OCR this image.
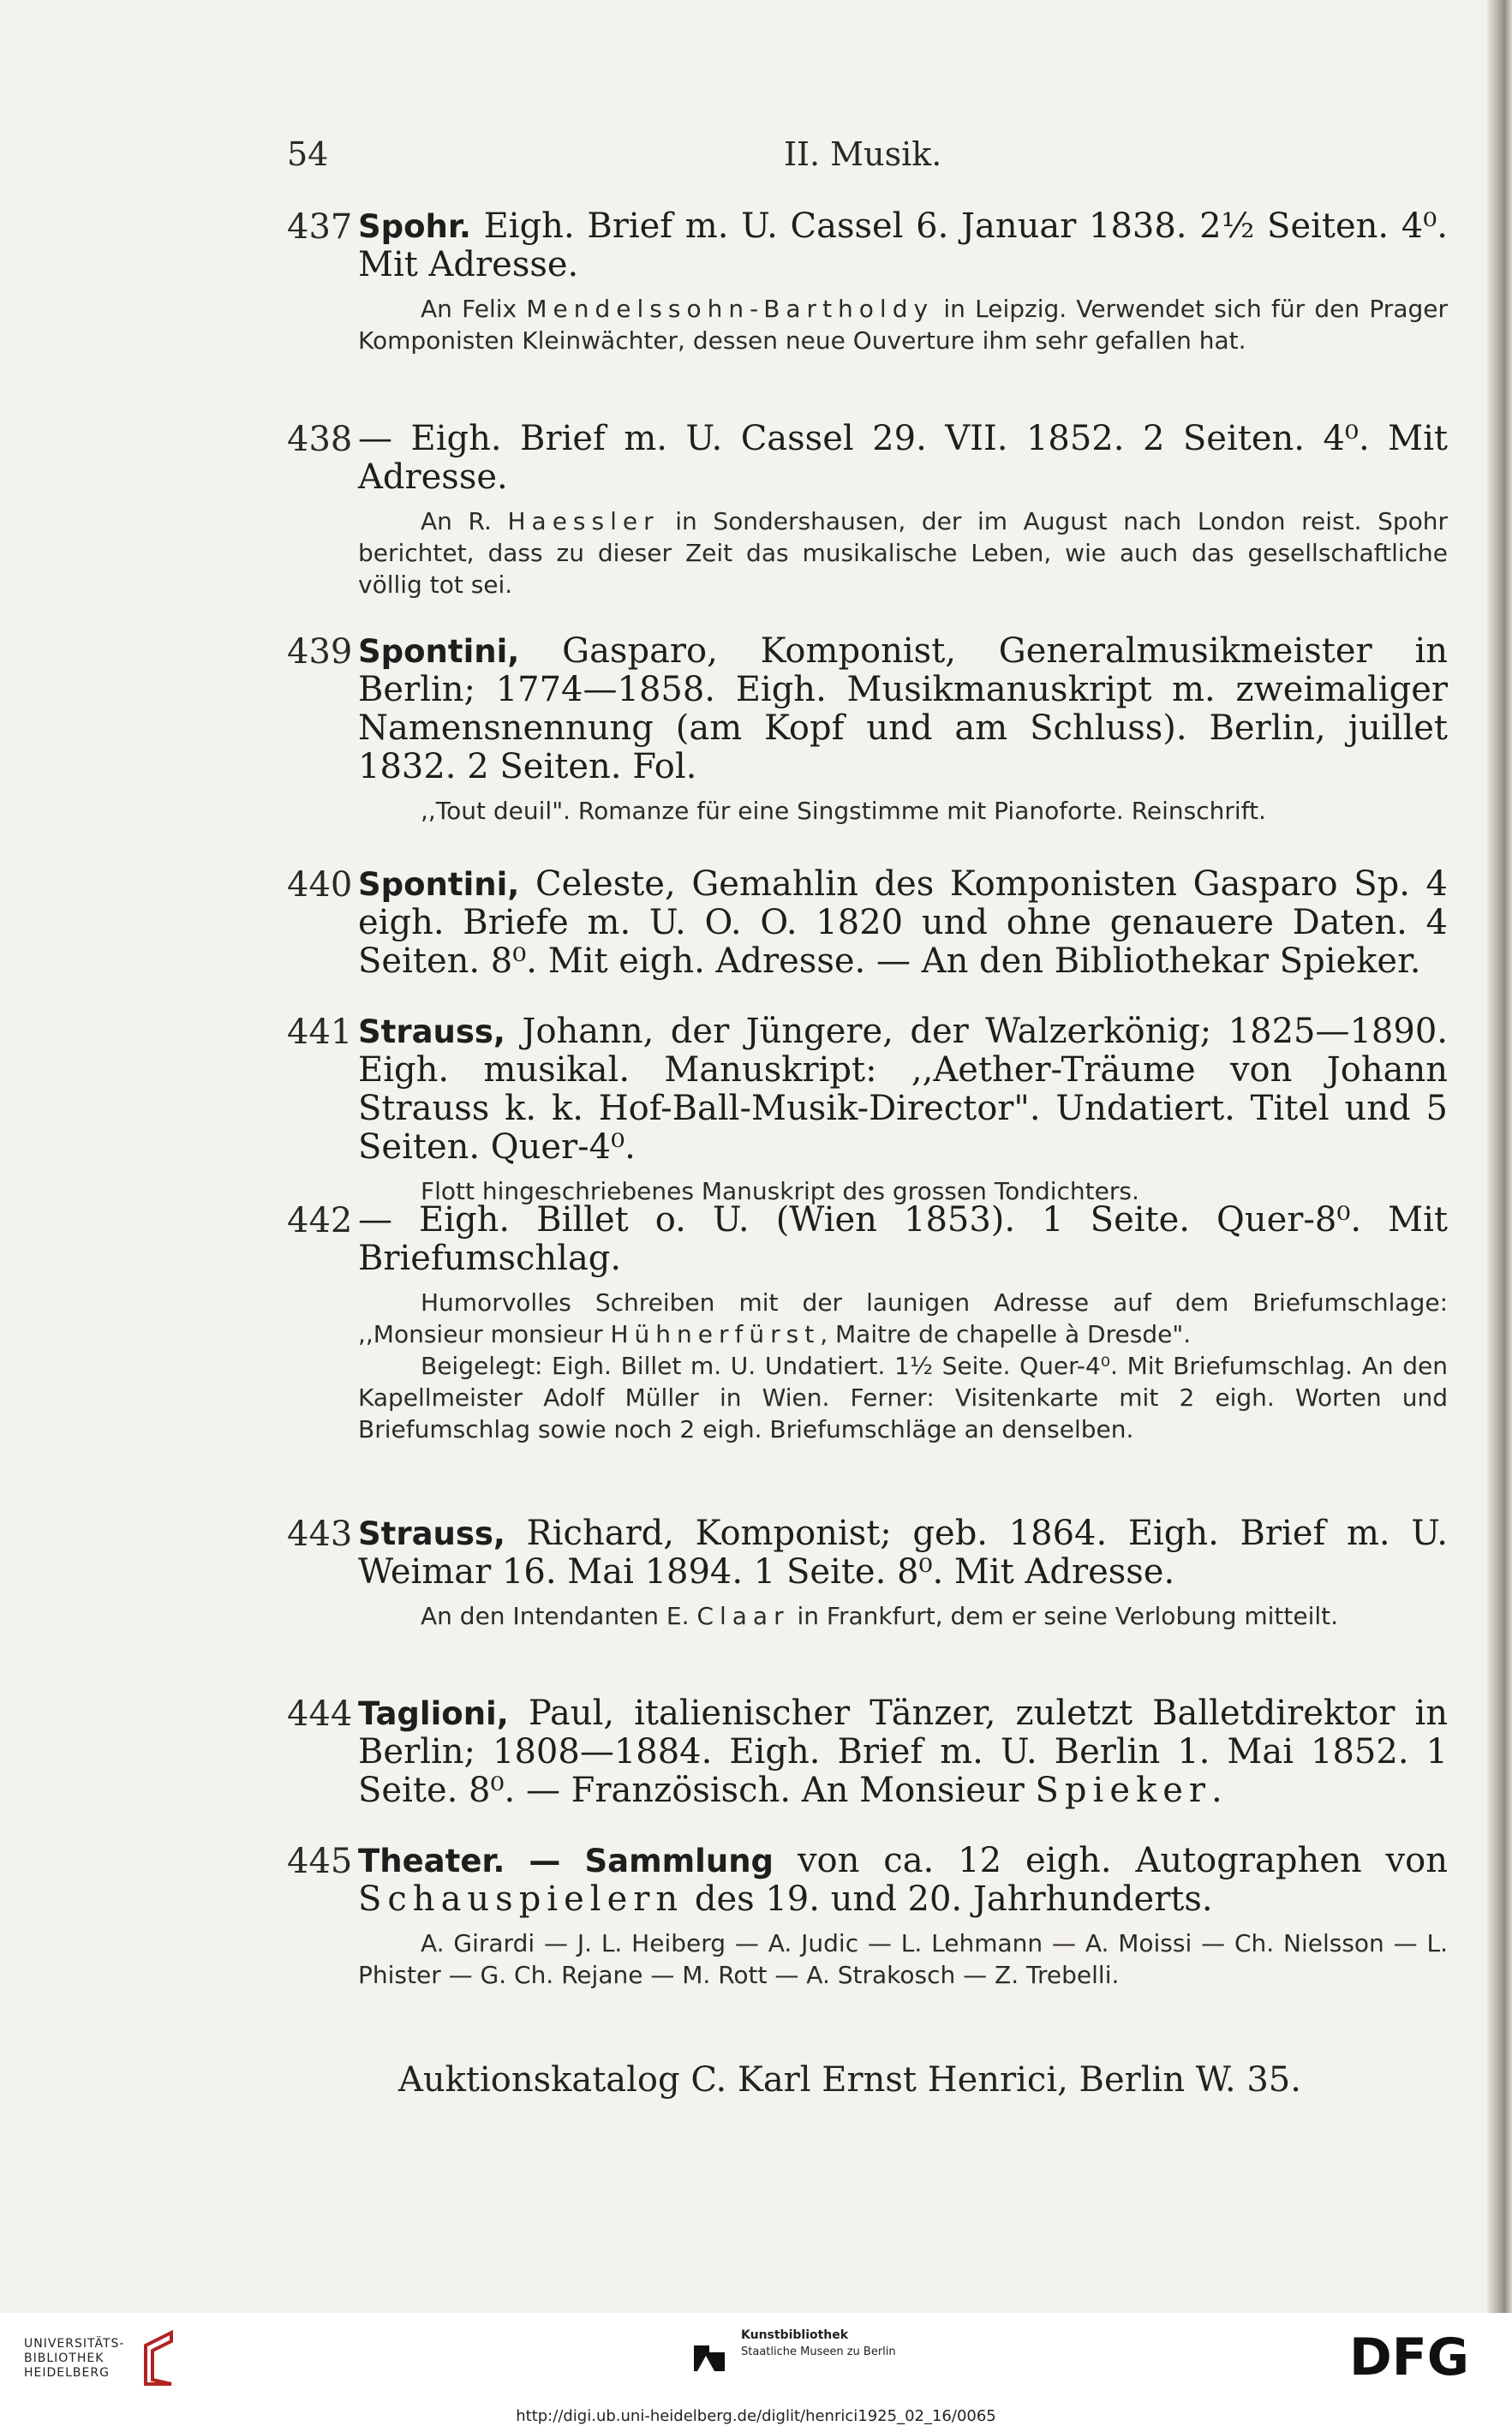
54	II. Musik.
437 Spohr. Eigh. Brief m. U. Cassel 6. Januar 1838. 2½ Seiten. 4⁰. Mit Adresse.
An Felix Mendelssohn-Bartholdy in Leipzig. Verwendet sich für den Prager Komponisten Kleinwächter, dessen neue Ouverture ihm sehr gefallen hat.
438 — Eigh. Brief m. U. Cassel 29. VII. 1852. 2 Seiten. 4⁰. Mit Adresse.
An R. Haessler in Sondershausen, der im August nach London reist. Spohr berichtet, dass zu dieser Zeit das musikalische Leben, wie auch das gesellschaftliche völlig tot sei.
439 Spontini, Gasparo, Komponist, Generalmusikmeister in Berlin; 1774—1858. Eigh. Musikmanuskript m. zweimaliger Namensnennung (am Kopf und am Schluss). Berlin, juillet 1832. 2 Seiten. Fol.
,,Tout deuil". Romanze für eine Singstimme mit Pianoforte. Reinschrift.
440 Spontini, Celeste, Gemahlin des Komponisten Gasparo Sp. 4 eigh. Briefe m. U. O. O. 1820 und ohne genauere Daten. 4 Seiten. 8⁰. Mit eigh. Adresse. — An den Bibliothekar Spieker.
441 Strauss, Johann, der Jüngere, der Walzerkönig; 1825—1890. Eigh. musikal. Manuskript: ,,Aether-Träume von Johann Strauss k. k. Hof-Ball-Musik-Director". Undatiert. Titel und 5 Seiten. Quer-4⁰.
Flott hingeschriebenes Manuskript des grossen Tondichters.
442 — Eigh. Billet o. U. (Wien 1853). 1 Seite. Quer-8⁰. Mit Briefumschlag.
Humorvolles Schreiben mit der launigen Adresse auf dem Briefumschlage: ,,Monsieur monsieur Hühnerfürst, Maitre de chapelle à Dresde".
Beigelegt: Eigh. Billet m. U. Undatiert. 1½ Seite. Quer-4⁰. Mit Briefumschlag. An den Kapellmeister Adolf Müller in Wien. Ferner: Visitenkarte mit 2 eigh. Worten und Briefumschlag sowie noch 2 eigh. Briefumschläge an denselben.
443 Strauss, Richard, Komponist; geb. 1864. Eigh. Brief m. U. Weimar 16. Mai 1894. 1 Seite. 8⁰. Mit Adresse.
An den Intendanten E. Claar in Frankfurt, dem er seine Verlobung mitteilt.
444 Taglioni, Paul, italienischer Tänzer, zuletzt Balletdirektor in Berlin; 1808—1884. Eigh. Brief m. U. Berlin 1. Mai 1852. 1 Seite. 8⁰. — Französisch. An Monsieur Spieker.
445 Theater. — Sammlung von ca. 12 eigh. Autographen von Schauspielern des 19. und 20. Jahrhunderts.
A. Girardi — J. L. Heiberg — A. Judic — L. Lehmann — A. Moissi — Ch. Nielsson — L. Phister — G. Ch. Rejane — M. Rott — A. Strakosch — Z. Trebelli.
Auktionskatalog C. Karl Ernst Henrici, Berlin W. 35.
UNIVERSITÄTS-
BIBLIOTHEK
HEIDELBERG
Kunstbibliothek
Staatliche Museen zu Berlin	DFG
http://digi.ub.uni-heidelberg.de/diglit/henrici1925_02_16/0065
